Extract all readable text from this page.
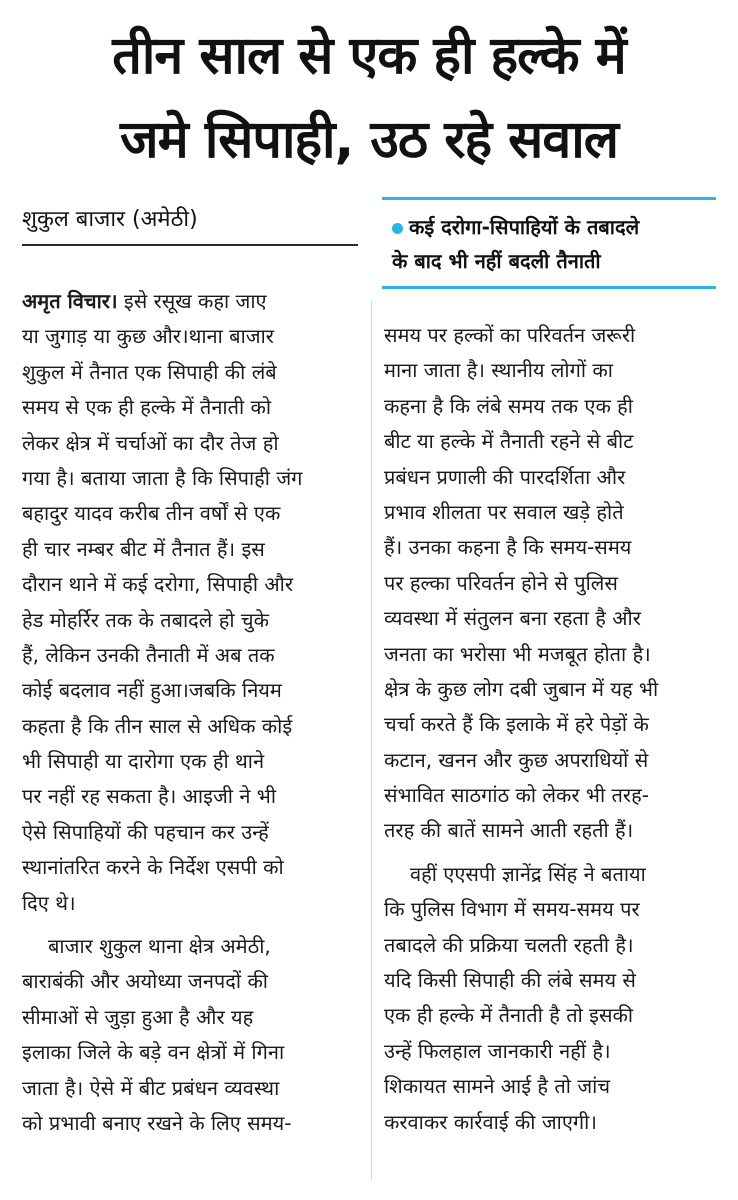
तीन साल से एक ही हल्के में
जमे सिपाही, उठ रहे सवाल
शुकुल बाजार (अमेठी)	कई दरोगा-सिपाहियों के तबादले
के बाद भी नहीं बदली तैनाती
अमृत विचार। इसे रसूख कहा जाए
या जुगाड़ या कुछ और।थाना बाजार
शुकुल में तैनात एक सिपाही की लंबे
समय से एक ही हल्के में तैनाती को
लेकर क्षेत्र में चर्चाओं का दौर तेज हो
गया है। बताया जाता है कि सिपाही जंग
बहादुर यादव करीब तीन वर्षों से एक
ही चार नम्बर बीट में तैनात हैं। इस
दौरान थाने में कई दरोगा, सिपाही और
हेड मोहर्रिर तक के तबादले हो चुके
हैं, लेकिन उनकी तैनाती में अब तक
कोई बदलाव नहीं हुआ।जबकि नियम
कहता है कि तीन साल से अधिक कोई
भी सिपाही या दारोगा एक ही थाने
पर नहीं रह सकता है। आइजी ने भी
ऐसे सिपाहियों की पहचान कर उन्हें
स्थानांतरित करने के निर्देश एसपी को
दिए थे।
बाजार शुकुल थाना क्षेत्र अमेठी,
बाराबंकी और अयोध्या जनपदों की
सीमाओं से जुड़ा हुआ है और यह
इलाका जिले के बड़े वन क्षेत्रों में गिना
जाता है। ऐसे में बीट प्रबंधन व्यवस्था
को प्रभावी बनाए रखने के लिए समय-
समय पर हल्कों का परिवर्तन जरूरी
माना जाता है। स्थानीय लोगों का
कहना है कि लंबे समय तक एक ही
बीट या हल्के में तैनाती रहने से बीट
प्रबंधन प्रणाली की पारदर्शिता और
प्रभाव शीलता पर सवाल खड़े होते
हैं। उनका कहना है कि समय-समय
पर हल्का परिवर्तन होने से पुलिस
व्यवस्था में संतुलन बना रहता है और
जनता का भरोसा भी मजबूत होता है।
क्षेत्र के कुछ लोग दबी जुबान में यह भी
चर्चा करते हैं कि इलाके में हरे पेड़ों के
कटान, खनन और कुछ अपराधियों से
संभावित साठगांठ को लेकर भी तरह-
तरह की बातें सामने आती रहती हैं।
वहीं एएसपी ज्ञानेंद्र सिंह ने बताया
कि पुलिस विभाग में समय-समय पर
तबादले की प्रक्रिया चलती रहती है।
यदि किसी सिपाही की लंबे समय से
एक ही हल्के में तैनाती है तो इसकी
उन्हें फिलहाल जानकारी नहीं है।
शिकायत सामने आई है तो जांच
करवाकर कार्रवाई की जाएगी।
